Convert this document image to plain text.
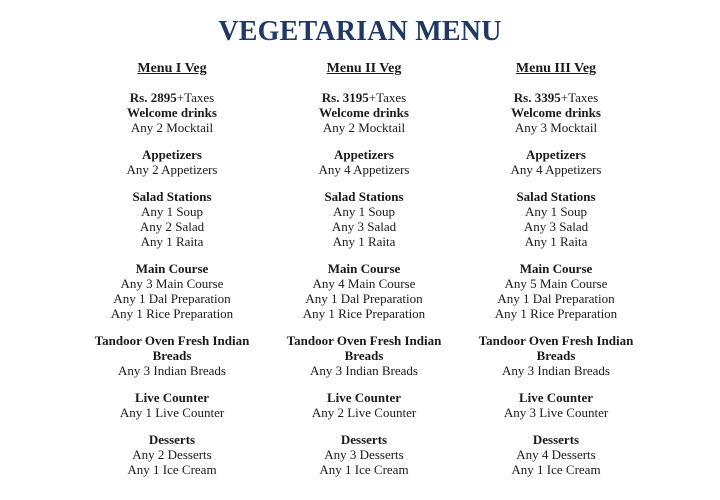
VEGETARIAN MENU
Menu I Veg
Rs. 2895+Taxes
Welcome drinks
Any 2 Mocktail
Appetizers
Any 2 Appetizers
Salad Stations
Any 1 Soup
Any 2 Salad
Any 1 Raita
Main Course
Any 3 Main Course
Any 1 Dal Preparation
Any 1 Rice Preparation
Tandoor Oven Fresh Indian Breads
Any 3 Indian Breads
Live Counter
Any 1 Live Counter
Desserts
Any 2 Desserts
Any 1 Ice Cream
Menu II Veg
Rs. 3195+Taxes
Welcome drinks
Any 2 Mocktail
Appetizers
Any 4 Appetizers
Salad Stations
Any 1 Soup
Any 3 Salad
Any 1 Raita
Main Course
Any 4 Main Course
Any 1 Dal Preparation
Any 1 Rice Preparation
Tandoor Oven Fresh Indian Breads
Any 3 Indian Breads
Live Counter
Any 2 Live Counter
Desserts
Any 3 Desserts
Any 1 Ice Cream
Menu III Veg
Rs. 3395+Taxes
Welcome drinks
Any 3 Mocktail
Appetizers
Any 4 Appetizers
Salad Stations
Any 1 Soup
Any 3 Salad
Any 1 Raita
Main Course
Any 5 Main Course
Any 1 Dal Preparation
Any 1 Rice Preparation
Tandoor Oven Fresh Indian Breads
Any 3 Indian Breads
Live Counter
Any 3 Live Counter
Desserts
Any 4 Desserts
Any 1 Ice Cream
